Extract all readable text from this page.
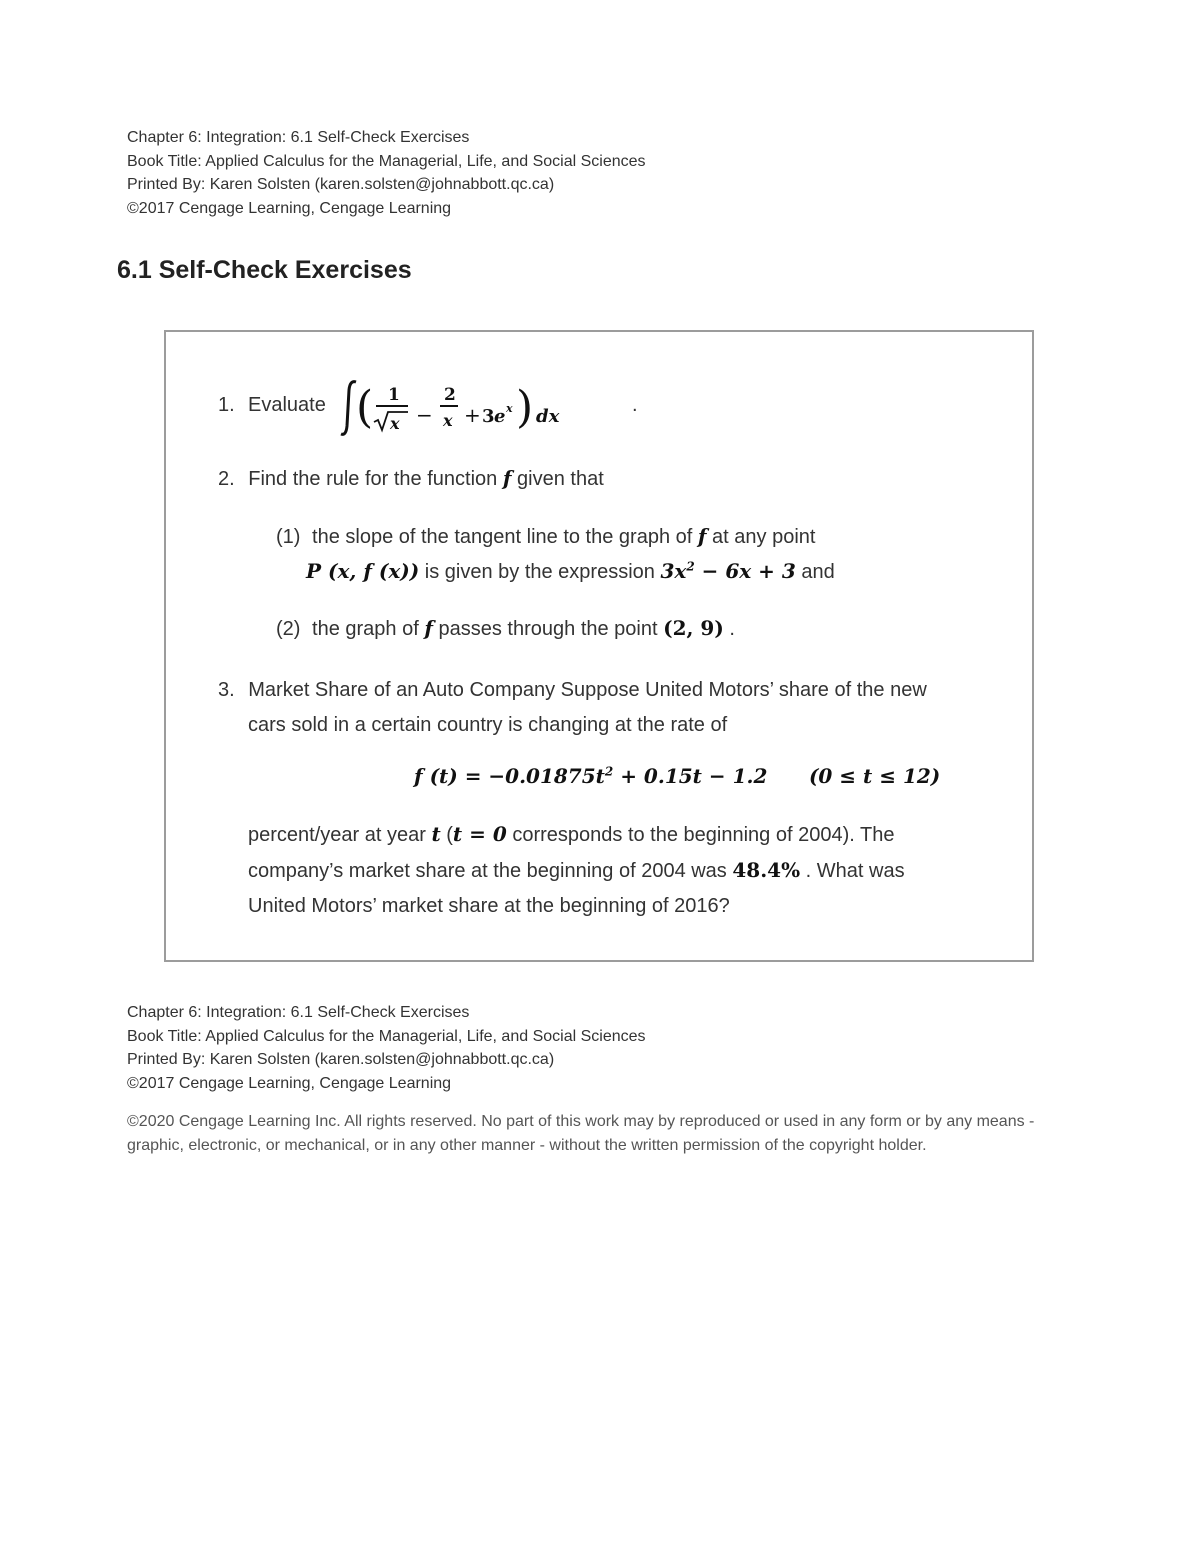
Chapter 6: Integration: 6.1 Self-Check Exercises
Book Title: Applied Calculus for the Managerial, Life, and Social Sciences
Printed By: Karen Solsten (karen.solsten@johnabbott.qc.ca)
©2017 Cengage Learning, Cengage Learning
6.1 Self-Check Exercises
1. Evaluate ( 1
x −
2
x + 3 e x ) dx
.
2. Find the rule for the function f given that
(1) the slope of the tangent line to the graph of f at any point
P (x, f (x)) is given by the expression $3x^2 - 6x + 3$ and
(2) the graph of f passes through the point (2, 9) .
3. Market Share of an Auto Company Suppose United Motors’ share of the new
cars sold in a certain country is changing at the rate of
f $(t) = -0.01875t^2 + 0.15t - 1.2$ (0 ≤ t ≤ 12)
percent/year at year t (t = 0 corresponds to the beginning of 2004). The
company’s market share at the beginning of 2004 was 48.4% . What was
United Motors’ market share at the beginning of 2016?
Chapter 6: Integration: 6.1 Self-Check Exercises
Book Title: Applied Calculus for the Managerial, Life, and Social Sciences
Printed By: Karen Solsten (karen.solsten@johnabbott.qc.ca)
©2017 Cengage Learning, Cengage Learning
©2020 Cengage Learning Inc. All rights reserved. No part of this work may by reproduced or used in any form or by any means - graphic, electronic, or mechanical, or in any other manner - without the written permission of the copyright holder.
